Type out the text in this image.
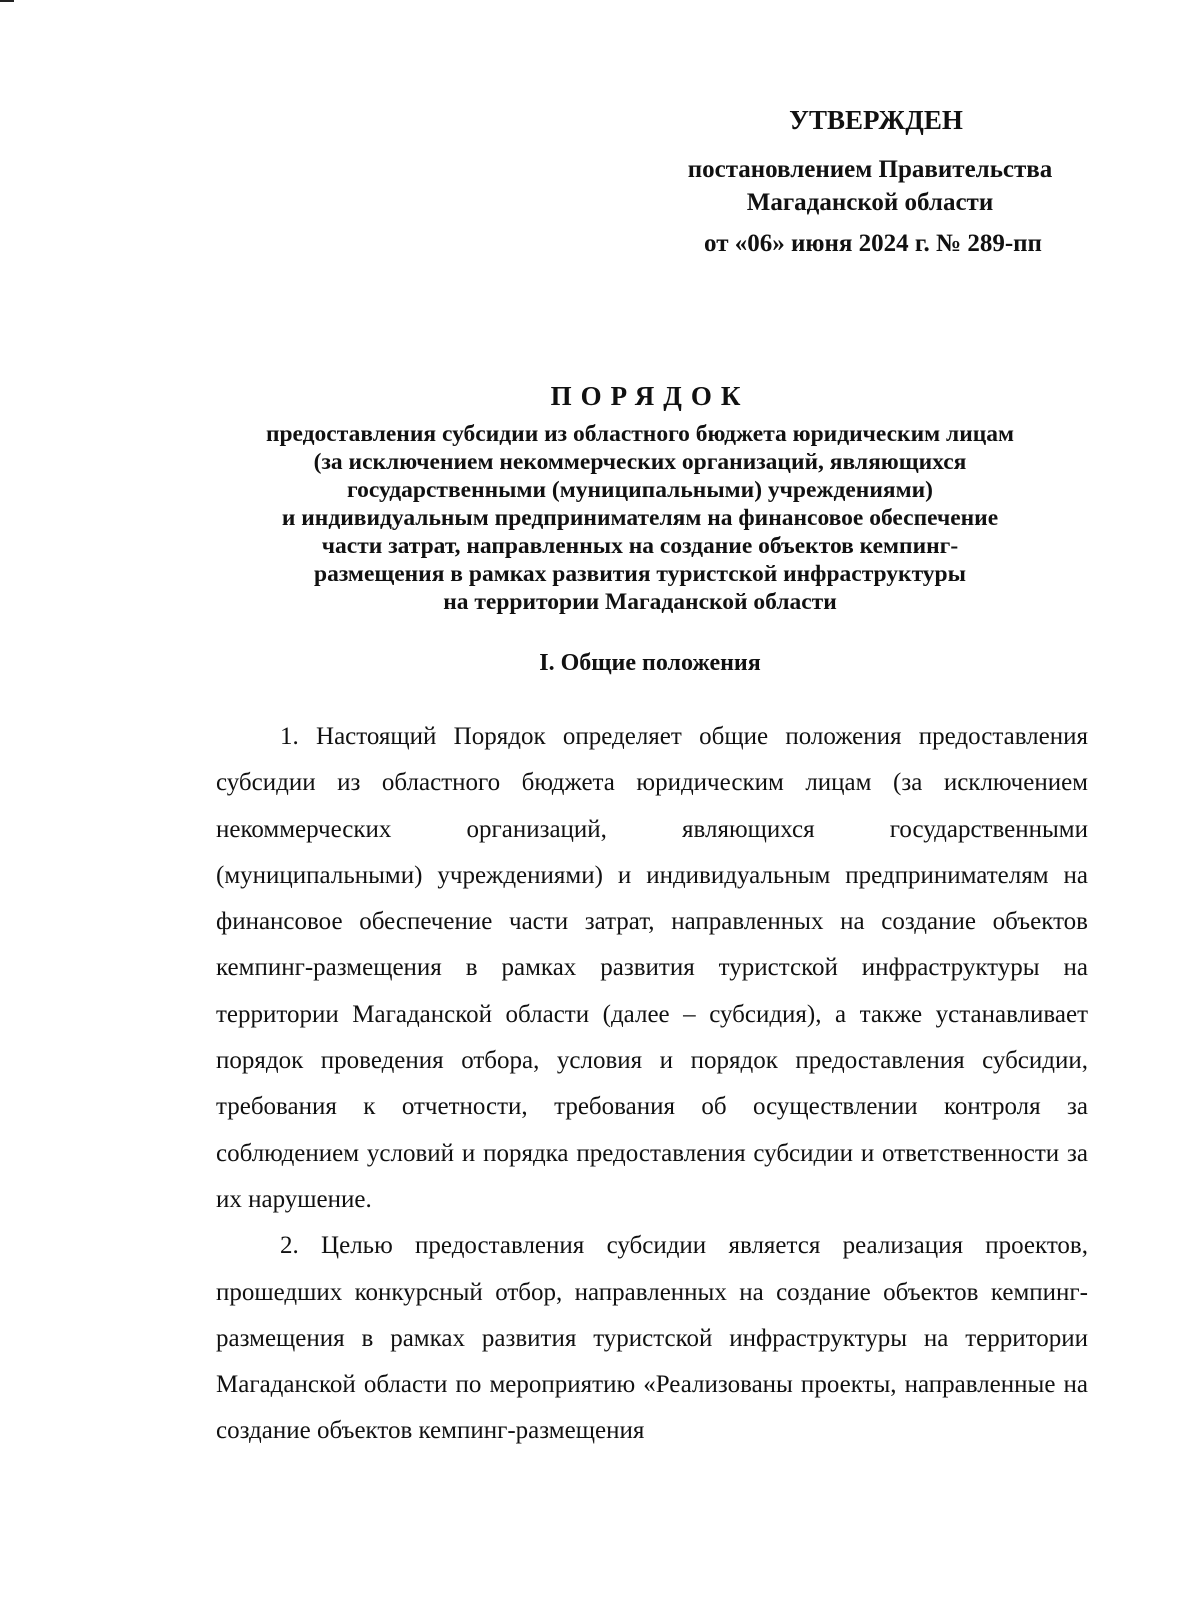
УТВЕРЖДЕН
постановлением Правительства
Магаданской области
от «06» июня 2024 г. № 289-пп
ПОРЯДОК
предоставления субсидии из областного бюджета юридическим лицам
(за исключением некоммерческих организаций, являющихся
государственными (муниципальными) учреждениями)
и индивидуальным предпринимателям на финансовое обеспечение
части затрат, направленных на создание объектов кемпинг-
размещения в рамках развития туристской инфраструктуры
на территории Магаданской области
I. Общие положения

1. Настоящий Порядок определяет общие положения предоставления субсидии из областного бюджета юридическим лицам (за исключением некоммерческих организаций, являющихся государственными (муниципальными) учреждениями) и индивидуальным предпринимателям на финансовое обеспечение части затрат, направленных на создание объектов кемпинг-размещения в рамках развития туристской инфраструктуры на территории Магаданской области (далее – субсидия), а также устанавливает порядок проведения отбора, условия и порядок предоставления субсидии, требования к отчетности, требования об осуществлении контроля за соблюдением условий и порядка предоставления субсидии и ответственности за их нарушение.

2. Целью предоставления субсидии является реализация проектов, прошедших конкурсный отбор, направленных на создание объектов кемпинг-размещения в рамках развития туристской инфраструктуры на территории Магаданской области по мероприятию «Реализованы проекты, направленные на создание объектов кемпинг-размещения
